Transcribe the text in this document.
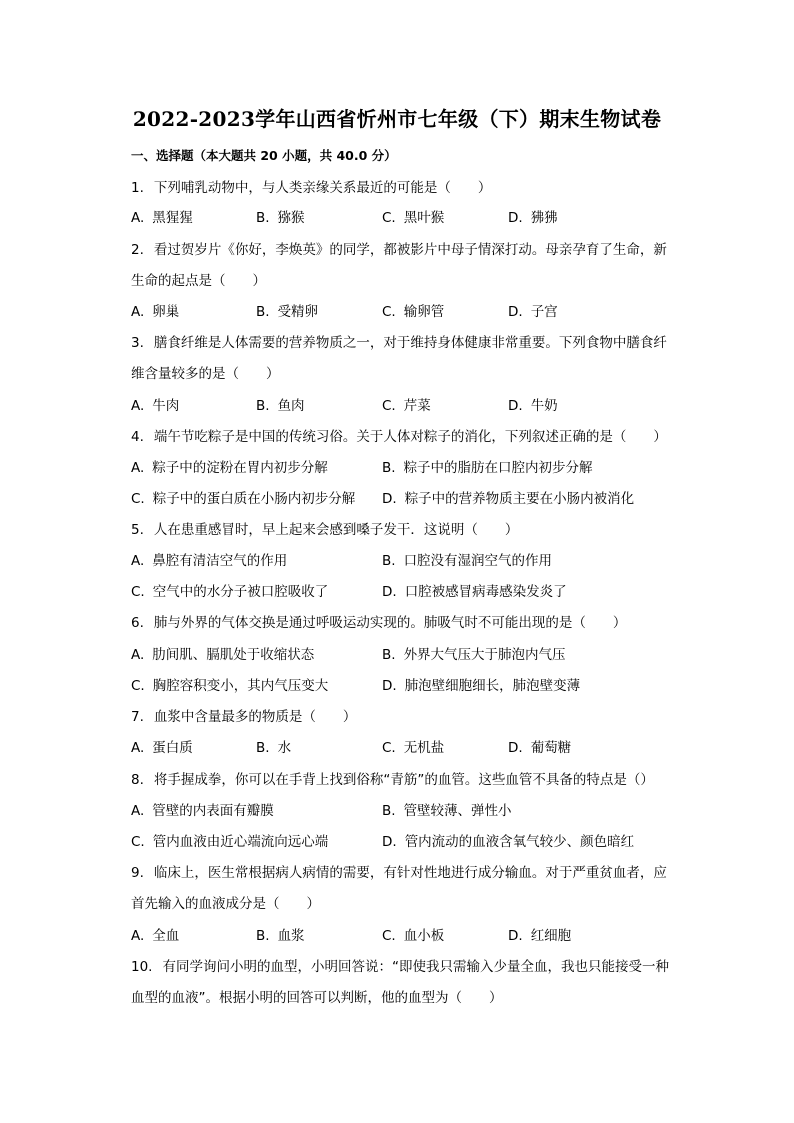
2022-2023学年山西省忻州市七年级（下）期末生物试卷
一、选择题（本大题共 20 小题，共 40.0 分）
1. 下列哺乳动物中，与人类亲缘关系最近的可能是（　　）
A. 黑猩猩	B. 猕猴	C. 黑叶猴	D. 狒狒
2. 看过贺岁片《你好，李焕英》的同学，都被影片中母子情深打动。母亲孕育了生命，新
生命的起点是（　　）
A. 卵巢	B. 受精卵	C. 输卵管	D. 子宫
3. 膳食纤维是人体需要的营养物质之一，对于维持身体健康非常重要。下列食物中膳食纤
维含量较多的是（　　）
A. 牛肉	B. 鱼肉	C. 芹菜	D. 牛奶
4. 端午节吃粽子是中国的传统习俗。关于人体对粽子的消化，下列叙述正确的是（　　）
A. 粽子中的淀粉在胃内初步分解	B. 粽子中的脂肪在口腔内初步分解
C. 粽子中的蛋白质在小肠内初步分解 D. 粽子中的营养物质主要在小肠内被消化
5. 人在患重感冒时，早上起来会感到嗓子发干．这说明（　　）
A. 鼻腔有清洁空气的作用	B. 口腔没有湿润空气的作用
C. 空气中的水分子被口腔吸收了	D. 口腔被感冒病毒感染发炎了
6. 肺与外界的气体交换是通过呼吸运动实现的。肺吸气时不可能出现的是（　　）
A. 肋间肌、膈肌处于收缩状态	B. 外界大气压大于肺泡内气压
C. 胸腔容积变小，其内气压变大	D. 肺泡壁细胞细长，肺泡壁变薄
7. 血浆中含量最多的物质是（　　）
A. 蛋白质	B. 水	C. 无机盐	D. 葡萄糖
8. 将手握成拳，你可以在手背上找到俗称“青筋”的血管。这些血管不具备的特点是（）
A. 管壁的内表面有瓣膜	B. 管壁较薄、弹性小
C. 管内血液由近心端流向远心端	D. 管内流动的血液含氧气较少、颜色暗红
9. 临床上，医生常根据病人病情的需要，有针对性地进行成分输血。对于严重贫血者，应
首先输入的血液成分是（　　）
A. 全血	B. 血浆	C. 血小板	D. 红细胞
10. 有同学询问小明的血型，小明回答说：“即使我只需输入少量全血，我也只能接受一种
血型的血液”。根据小明的回答可以判断，他的血型为（　　）
